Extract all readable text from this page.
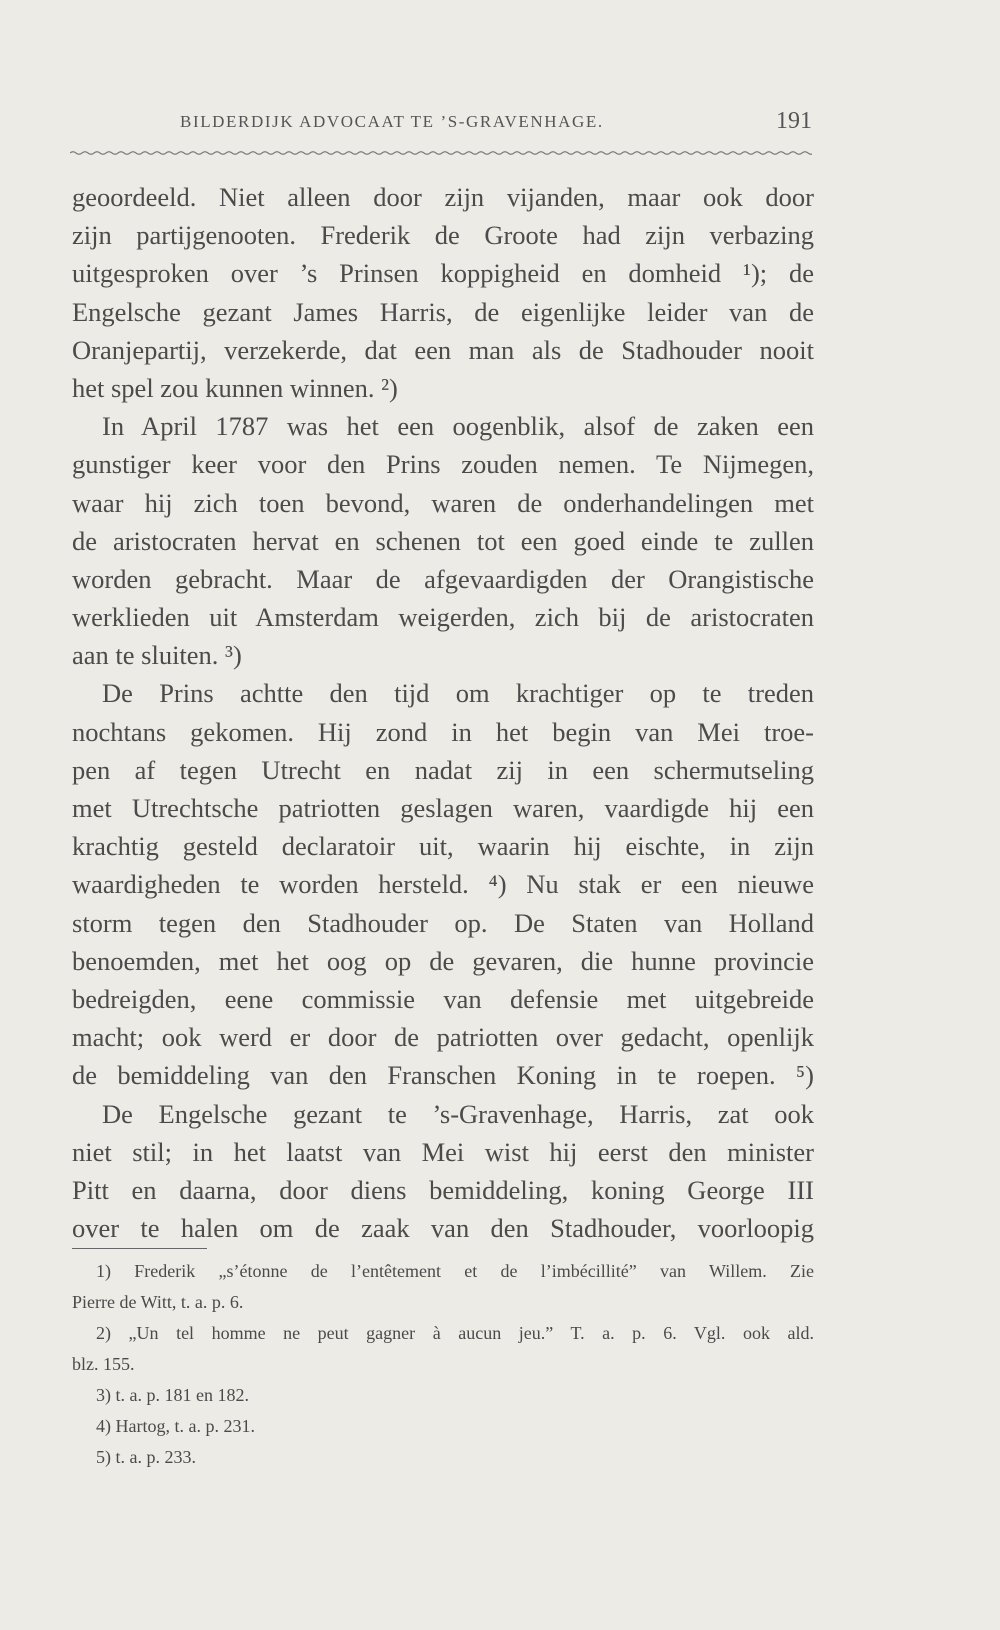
BILDERDIJK ADVOCAAT TE ’S-GRAVENHAGE.	191
geoordeeld. Niet alleen door zijn vijanden, maar ook door
zijn partijgenooten. Frederik de Groote had zijn verbazing
uitgesproken over ’s Prinsen koppigheid en domheid ¹); de
Engelsche gezant James Harris, de eigenlijke leider van de
Oranjepartij, verzekerde, dat een man als de Stadhouder nooit
het spel zou kunnen winnen. ²)
In April 1787 was het een oogenblik, alsof de zaken een
gunstiger keer voor den Prins zouden nemen. Te Nijmegen,
waar hij zich toen bevond, waren de onderhandelingen met
de aristocraten hervat en schenen tot een goed einde te zullen
worden gebracht. Maar de afgevaardigden der Orangistische
werklieden uit Amsterdam weigerden, zich bij de aristocraten
aan te sluiten. ³)
De Prins achtte den tijd om krachtiger op te treden
nochtans gekomen. Hij zond in het begin van Mei troe-
pen af tegen Utrecht en nadat zij in een schermutseling
met Utrechtsche patriotten geslagen waren, vaardigde hij een
krachtig gesteld declaratoir uit, waarin hij eischte, in zijn
waardigheden te worden hersteld. ⁴) Nu stak er een nieuwe
storm tegen den Stadhouder op. De Staten van Holland
benoemden, met het oog op de gevaren, die hunne provincie
bedreigden, eene commissie van defensie met uitgebreide
macht; ook werd er door de patriotten over gedacht, openlijk
de bemiddeling van den Franschen Koning in te roepen. ⁵)
De Engelsche gezant te ’s-Gravenhage, Harris, zat ook
niet stil; in het laatst van Mei wist hij eerst den minister
Pitt en daarna, door diens bemiddeling, koning George III
over te halen om de zaak van den Stadhouder, voorloopig
1) Frederik „s’étonne de l’entêtement et de l’imbécillité” van Willem. Zie
Pierre de Witt, t. a. p. 6.
2) „Un tel homme ne peut gagner à aucun jeu.” T. a. p. 6. Vgl. ook ald.
blz. 155.
3) t. a. p. 181 en 182.
4) Hartog, t. a. p. 231.
5) t. a. p. 233.
